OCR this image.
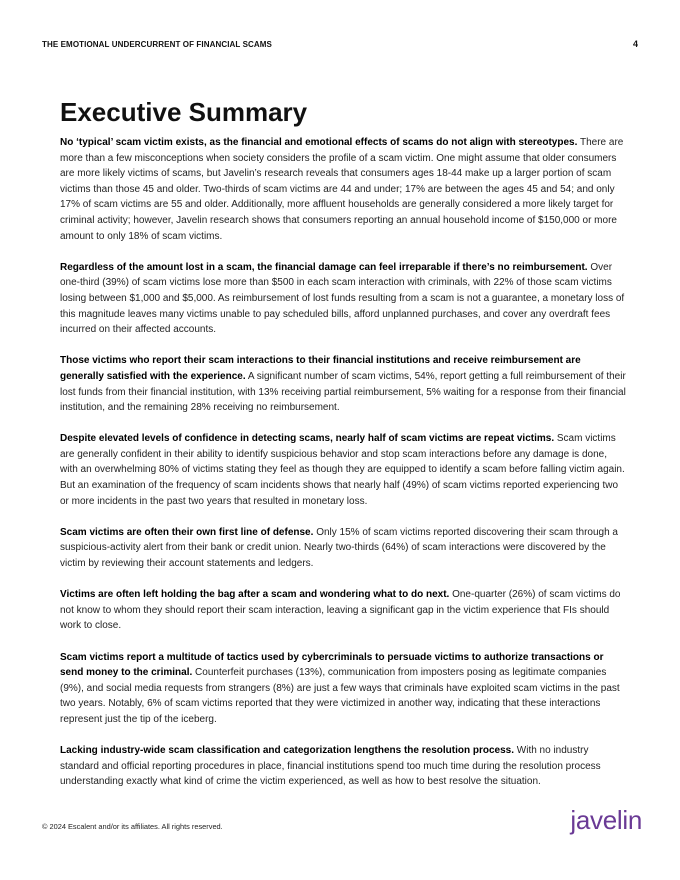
THE EMOTIONAL UNDERCURRENT OF FINANCIAL SCAMS	4
Executive Summary

No ‘typical’ scam victim exists, as the financial and emotional effects of scams do not align with stereotypes. There are more than a few misconceptions when society considers the profile of a scam victim. One might assume that older consumers are more likely victims of scams, but Javelin’s research reveals that consumers ages 18-44 make up a larger portion of scam victims than those 45 and older. Two-thirds of scam victims are 44 and under; 17% are between the ages 45 and 54; and only 17% of scam victims are 55 and older. Additionally, more affluent households are generally considered a more likely target for criminal activity; however, Javelin research shows that consumers reporting an annual household income of $150,000 or more amount to only 18% of scam victims.

Regardless of the amount lost in a scam, the financial damage can feel irreparable if there’s no reimbursement. Over one-third (39%) of scam victims lose more than $500 in each scam interaction with criminals, with 22% of those scam victims losing between $1,000 and $5,000. As reimbursement of lost funds resulting from a scam is not a guarantee, a monetary loss of this magnitude leaves many victims unable to pay scheduled bills, afford unplanned purchases, and cover any overdraft fees incurred on their affected accounts.

Those victims who report their scam interactions to their financial institutions and receive reimbursement are generally satisfied with the experience. A significant number of scam victims, 54%, report getting a full reimbursement of their lost funds from their financial institution, with 13% receiving partial reimbursement, 5% waiting for a response from their financial institution, and the remaining 28% receiving no reimbursement.

Despite elevated levels of confidence in detecting scams, nearly half of scam victims are repeat victims. Scam victims are generally confident in their ability to identify suspicious behavior and stop scam interactions before any damage is done, with an overwhelming 80% of victims stating they feel as though they are equipped to identify a scam before falling victim again. But an examination of the frequency of scam incidents shows that nearly half (49%) of scam victims reported experiencing two or more incidents in the past two years that resulted in monetary loss.

Scam victims are often their own first line of defense. Only 15% of scam victims reported discovering their scam through a suspicious-activity alert from their bank or credit union. Nearly two-thirds (64%) of scam interactions were discovered by the victim by reviewing their account statements and ledgers.

Victims are often left holding the bag after a scam and wondering what to do next. One-quarter (26%) of scam victims do not know to whom they should report their scam interaction, leaving a significant gap in the victim experience that FIs should work to close.

Scam victims report a multitude of tactics used by cybercriminals to persuade victims to authorize transactions or send money to the criminal. Counterfeit purchases (13%), communication from imposters posing as legitimate companies (9%), and social media requests from strangers (8%) are just a few ways that criminals have exploited scam victims in the past two years. Notably, 6% of scam victims reported that they were victimized in another way, indicating that these interactions represent just the tip of the iceberg.

Lacking industry-wide scam classification and categorization lengthens the resolution process. With no industry standard and official reporting procedures in place, financial institutions spend too much time during the resolution process understanding exactly what kind of crime the victim experienced, as well as how to best resolve the situation.

© 2024 Escalent and/or its affiliates. All rights reserved.	javelin
